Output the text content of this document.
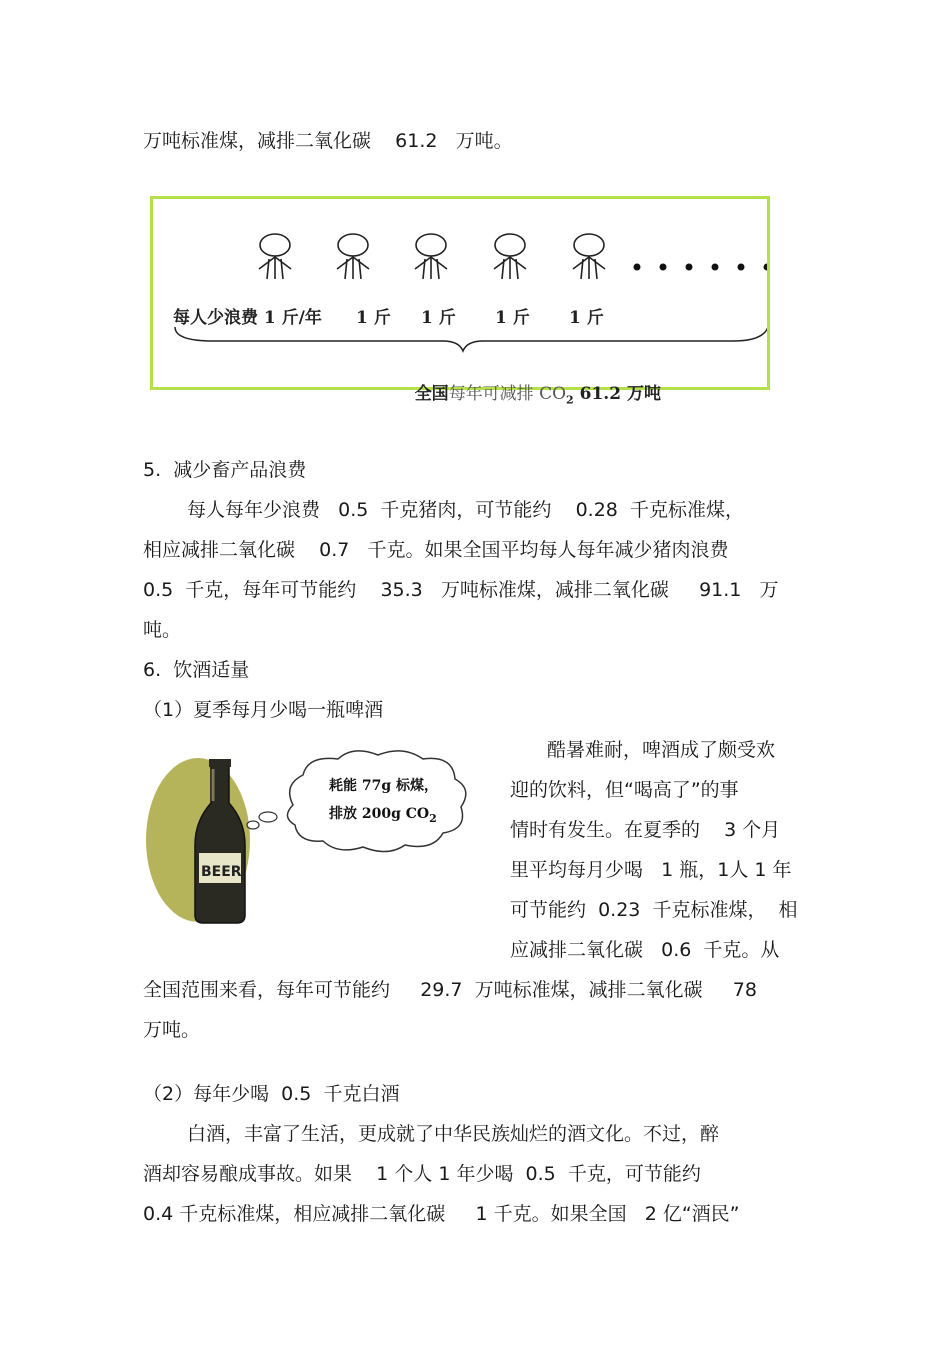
万吨标准煤，减排二氧化碳    61.2   万吨。
每人少浪费 1 斤/年 1 斤 1 斤 1 斤 1 斤

全国每年可减排 $CO_2$ 61.2 万吨

5.  减少畜产品浪费
每人每年少浪费   0.5  千克猪肉，可节能约    0.28  千克标准煤，
相应减排二氧化碳    0.7   千克。如果全国平均每人每年减少猪肉浪费
0.5  千克，每年可节能约    35.3   万吨标准煤，减排二氧化碳     91.1   万
吨。
6.  饮酒适量
（1）夏季每月少喝一瓶啤酒
BEER
耗能 77g 标煤，
排放 200g $CO_2$
酷暑难耐，啤酒成了颇受欢
迎的饮料，但“喝高了”的事
情时有发生。在夏季的    3 个月
里平均每月少喝   1 瓶，1人 1 年
可节能约  0.23  千克标准煤，  相
应减排二氧化碳   0.6  千克。从
全国范围来看，每年可节能约     29.7  万吨标准煤，减排二氧化碳     78
万吨。
（2）每年少喝  0.5  千克白酒
白酒，丰富了生活，更成就了中华民族灿烂的酒文化。不过，醉
酒却容易酿成事故。如果    1 个人 1 年少喝  0.5  千克，可节能约
0.4 千克标准煤，相应减排二氧化碳     1 千克。如果全国   2 亿“酒民”
